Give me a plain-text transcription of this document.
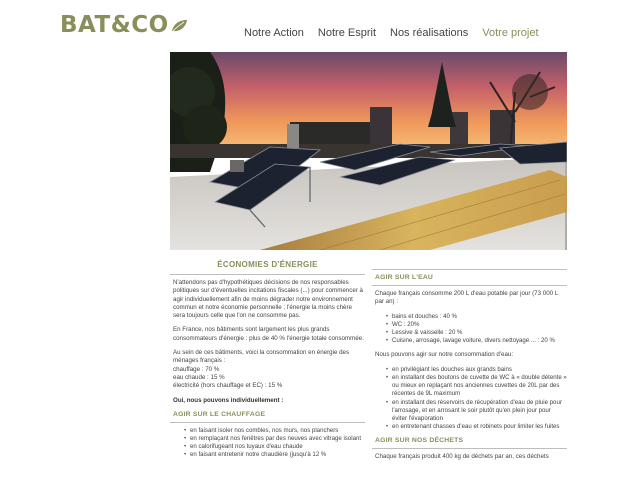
BAT&CO	Notre Action Notre Esprit Nos réalisations Votre projet
ÉCONOMIES D'ÉNERGIE

N'attendons pas d'hypothétiques décisions de nos responsables politiques sur d'éventuelles incitations fiscales (...) pour commencer à agir individuellement afin de moins dégrader notre environnement commun et notre économie personnelle ; l'énergie la moins chère sera toujours celle que l'on ne consomme pas.

En France, nos bâtiments sont largement les plus grands consommateurs d'énergie : plus de 40 % l'énergie totale consommée.

Au sein de ces bâtiments, voici la consommation en énergie des ménages français :
chauffage : 70 %
eau chaude : 15 %
électricité (hors chauffage et EC) : 15 %

Oui, nous pouvons individuellement :

AGIR SUR LE CHAUFFAGE
• en faisant isoler nos combles, nos murs, nos planchers
• en remplaçant nos fenêtres par des neuves avec vitrage isolant
• en calorifugeant nos tuyaux d'eau chaude
• en faisant entretenir notre chaudière (jusqu'à 12 %
AGIR SUR L'EAU

Chaque français consomme 200 L d'eau potable par jour (73 000 L par an) :

• bains et douches : 40 %
• WC : 20%
• Lessive & vaisselle : 20 %
• Cuisine, arrosage, lavage voiture, divers nettoyage ... : 20 %

Nous pouvons agir sur notre consommation d'eau:

• en privilégiant les douches aux grands bains
• en installant des boutons de cuvette de WC à « double détente » ou mieux en replaçant nos anciennes cuvettes de 20L par des récentes de 9L maximum
• en installant des réservoirs de récupération d'eau de pluie pour l'arrosage, et en arrosant le soir plutôt qu'en plein jour pour éviter l'évaporation
• en entretenant chasses d'eau et robinets pour limiter les fuites
AGIR SUR NOS DÉCHETS

Chaque français produit 400 kg de déchets par an, ces déchets
